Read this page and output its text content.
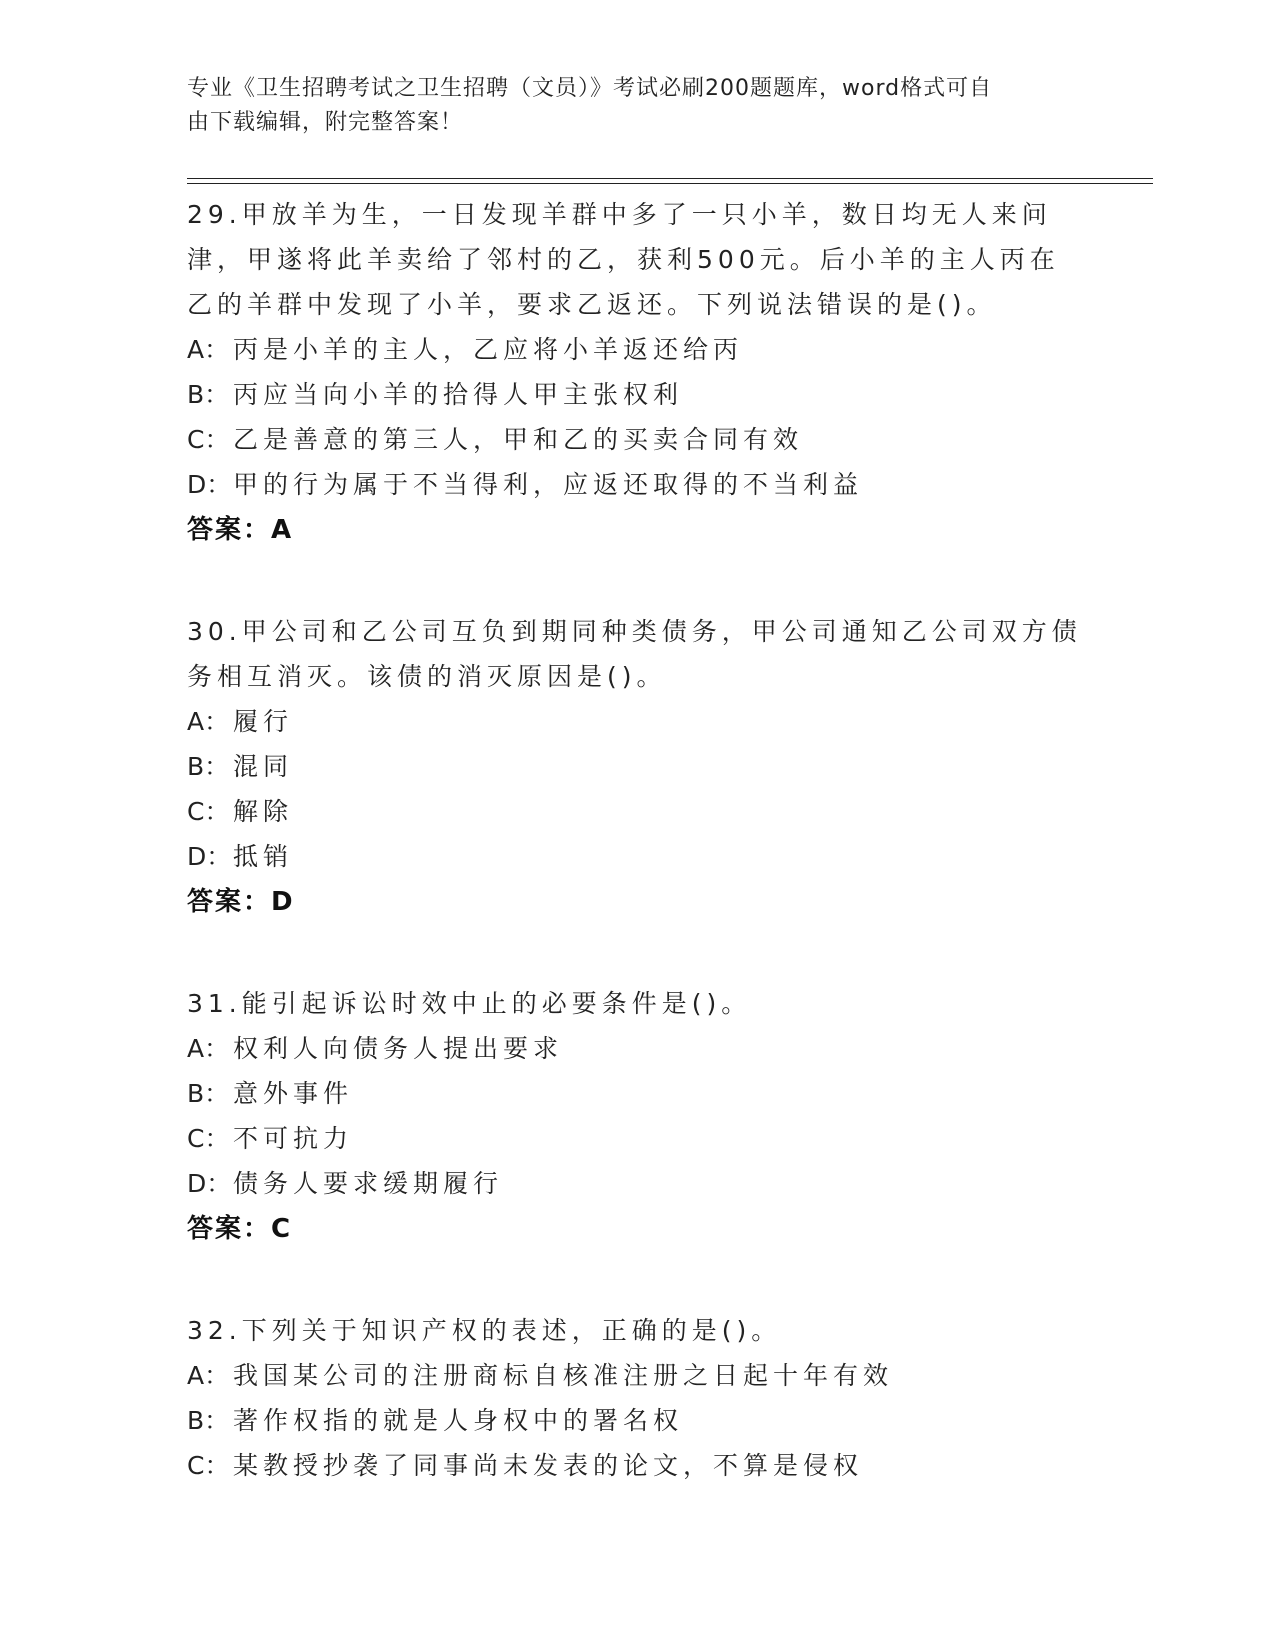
专业《卫生招聘考试之卫生招聘（文员）》考试必刷200题题库，word格式可自
由下载编辑，附完整答案！
29.甲放羊为生，一日发现羊群中多了一只小羊，数日均无人来问津，甲遂将此羊卖给了邻村的乙，获利500元。后小羊的主人丙在乙的羊群中发现了小羊，要求乙返还。下列说法错误的是()。
A： 丙是小羊的主人，乙应将小羊返还给丙
B： 丙应当向小羊的拾得人甲主张权利
C： 乙是善意的第三人，甲和乙的买卖合同有效
D：甲的行为属于不当得利，应返还取得的不当利益
答案：A
30.甲公司和乙公司互负到期同种类债务，甲公司通知乙公司双方债务相互消灭。该债的消灭原因是()。
A： 履行
B： 混同
C： 解除
D：抵销
答案：D
31.能引起诉讼时效中止的必要条件是()。
A： 权利人向债务人提出要求
B： 意外事件
C： 不可抗力
D：债务人要求缓期履行
答案：C
32.下列关于知识产权的表述，正确的是()。
A： 我国某公司的注册商标自核准注册之日起十年有效
B： 著作权指的就是人身权中的署名权
C： 某教授抄袭了同事尚未发表的论文，不算是侵权
